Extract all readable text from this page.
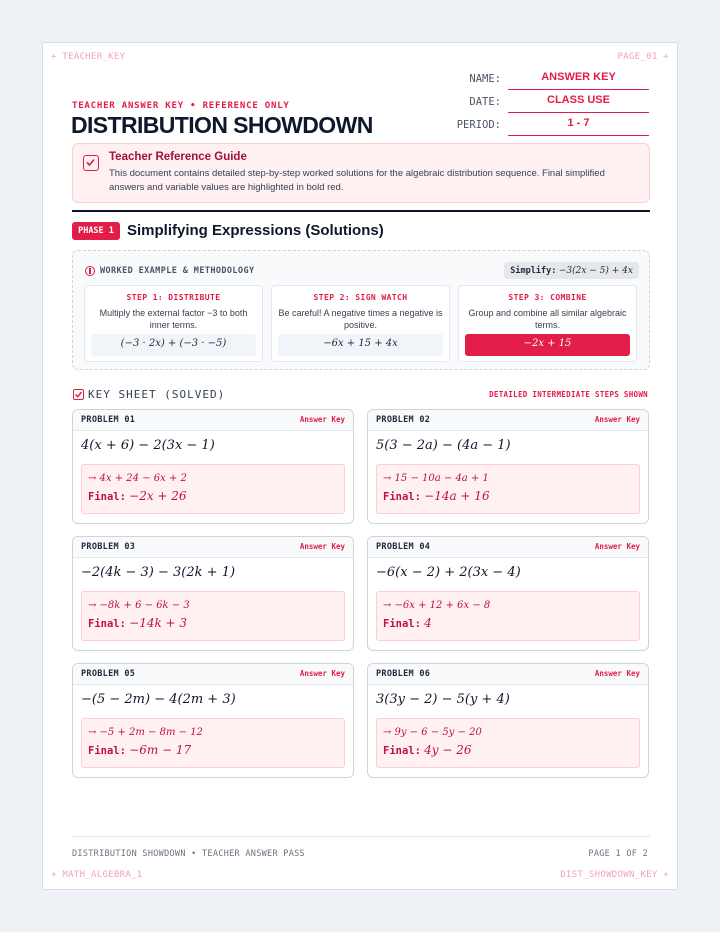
+ TEACHER_KEY	PAGE_01 +
+ MATH_ALGEBRA_1	DIST_SHOWDOWN_KEY +
NAME:	ANSWER KEY
DATE:	CLASS USE
PERIOD:	1 - 7
TEACHER ANSWER KEY • REFERENCE ONLY
DISTRIBUTION SHOWDOWN
Teacher Reference Guide
This document contains detailed step-by-step worked solutions for the algebraic distribution sequence. Final simplified answers and variable values are highlighted in bold red.
PHASE 1 Simplifying Expressions (Solutions)
WORKED EXAMPLE & METHODOLOGY	Simplify: −3(2x − 5) + 4x
STEP 1: DISTRIBUTE
Multiply the external factor −3 to both inner terms.
(−3 · 2x) + (−3 · −5)
STEP 2: SIGN WATCH
Be careful! A negative times a negative is positive.
−6x + 15 + 4x
STEP 3: COMBINE
Group and combine all similar algebraic terms.
−2x + 15
KEY SHEET (SOLVED)	DETAILED INTERMEDIATE STEPS SHOWN
PROBLEM 01	Answer Key
4(x + 6) − 2(3x − 1)
→ 4x + 24 − 6x + 2
Final: −2x + 26
PROBLEM 02	Answer Key
5(3 − 2a) − (4a − 1)
→ 15 − 10a − 4a + 1
Final: −14a + 16
PROBLEM 03	Answer Key
−2(4k − 3) − 3(2k + 1)
→ −8k + 6 − 6k − 3
Final: −14k + 3
PROBLEM 04	Answer Key
−6(x − 2) + 2(3x − 4)
→ −6x + 12 + 6x − 8
Final: 4
PROBLEM 05	Answer Key
−(5 − 2m) − 4(2m + 3)
→ −5 + 2m − 8m − 12
Final: −6m − 17
PROBLEM 06	Answer Key
3(3y − 2) − 5(y + 4)
→ 9y − 6 − 5y − 20
Final: 4y − 26
DISTRIBUTION SHOWDOWN • TEACHER ANSWER PASS	PAGE 1 OF 2
